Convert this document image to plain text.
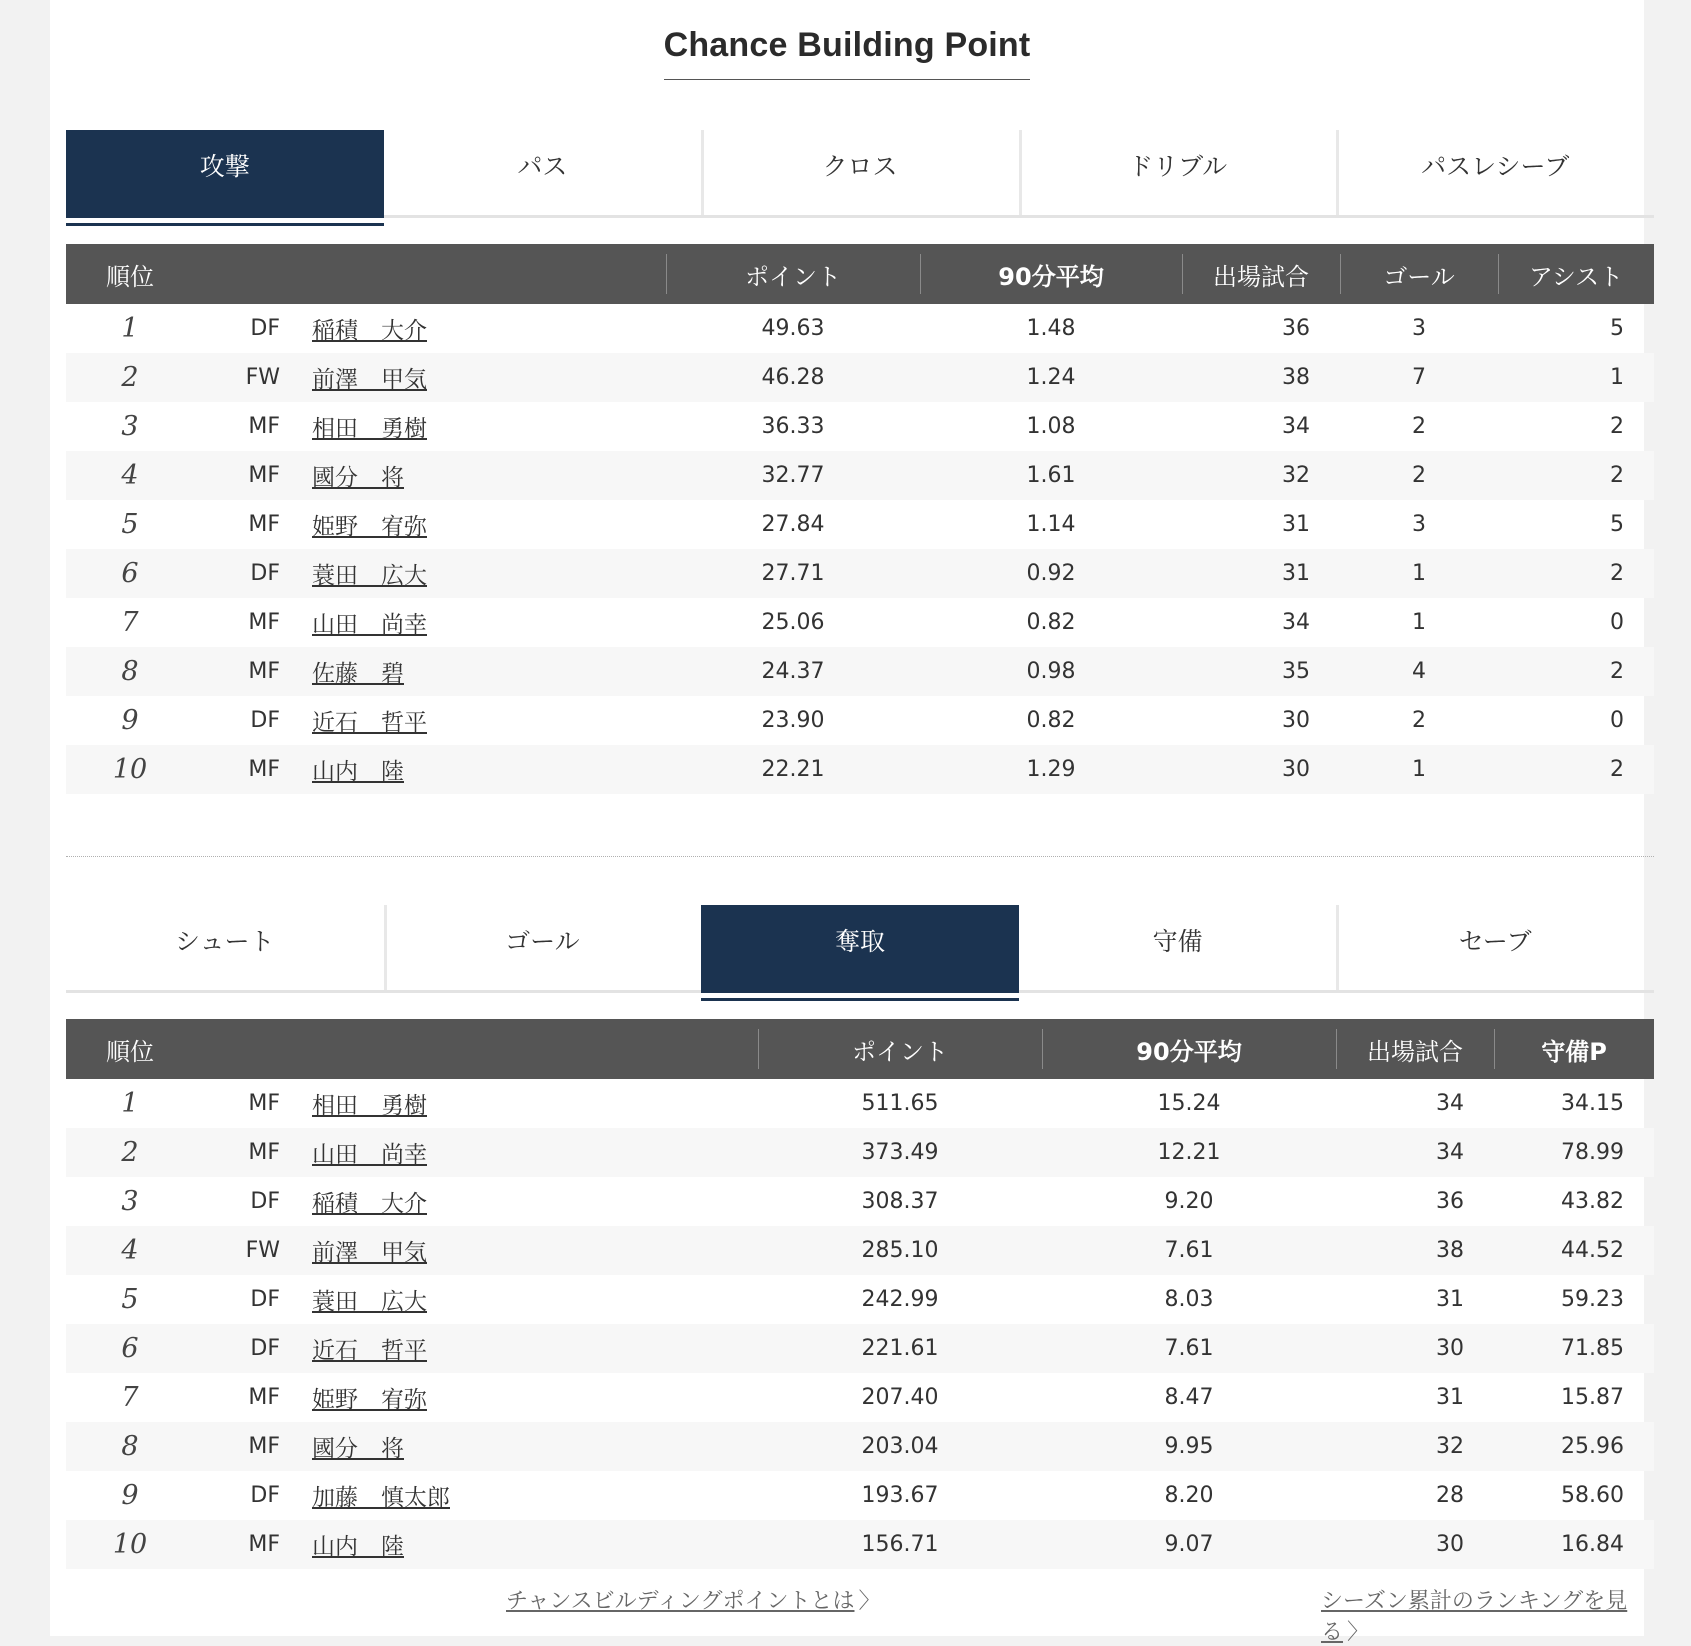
Chance Building Point
攻撃	パス	クロス	ドリブル	パスレシーブ
順位			ポイント	90分平均	出場試合	ゴール	アシスト
1	DF	稲積　大介	49.63	1.48	36	3	5
2	FW	前澤　甲気	46.28	1.24	38	7	1
3	MF	相田　勇樹	36.33	1.08	34	2	2
4	MF	國分　将	32.77	1.61	32	2	2
5	MF	姫野　宥弥	27.84	1.14	31	3	5
6	DF	蓑田　広大	27.71	0.92	31	1	2
7	MF	山田　尚幸	25.06	0.82	34	1	0
8	MF	佐藤　碧	24.37	0.98	35	4	2
9	DF	近石　哲平	23.90	0.82	30	2	0
10	MF	山内　陸	22.21	1.29	30	1	2
シュート	ゴール	奪取	守備	セーブ
順位			ポイント	90分平均	出場試合	守備P
1	MF	相田　勇樹	511.65	15.24	34	34.15
2	MF	山田　尚幸	373.49	12.21	34	78.99
3	DF	稲積　大介	308.37	9.20	36	43.82
4	FW	前澤　甲気	285.10	7.61	38	44.52
5	DF	蓑田　広大	242.99	8.03	31	59.23
6	DF	近石　哲平	221.61	7.61	30	71.85
7	MF	姫野　宥弥	207.40	8.47	31	15.87
8	MF	國分　将	203.04	9.95	32	25.96
9	DF	加藤　慎太郎	193.67	8.20	28	58.60
10	MF	山内　陸	156.71	9.07	30	16.84
チャンスビルディングポイントとは 〉	シーズン累計のランキングを見る 〉
